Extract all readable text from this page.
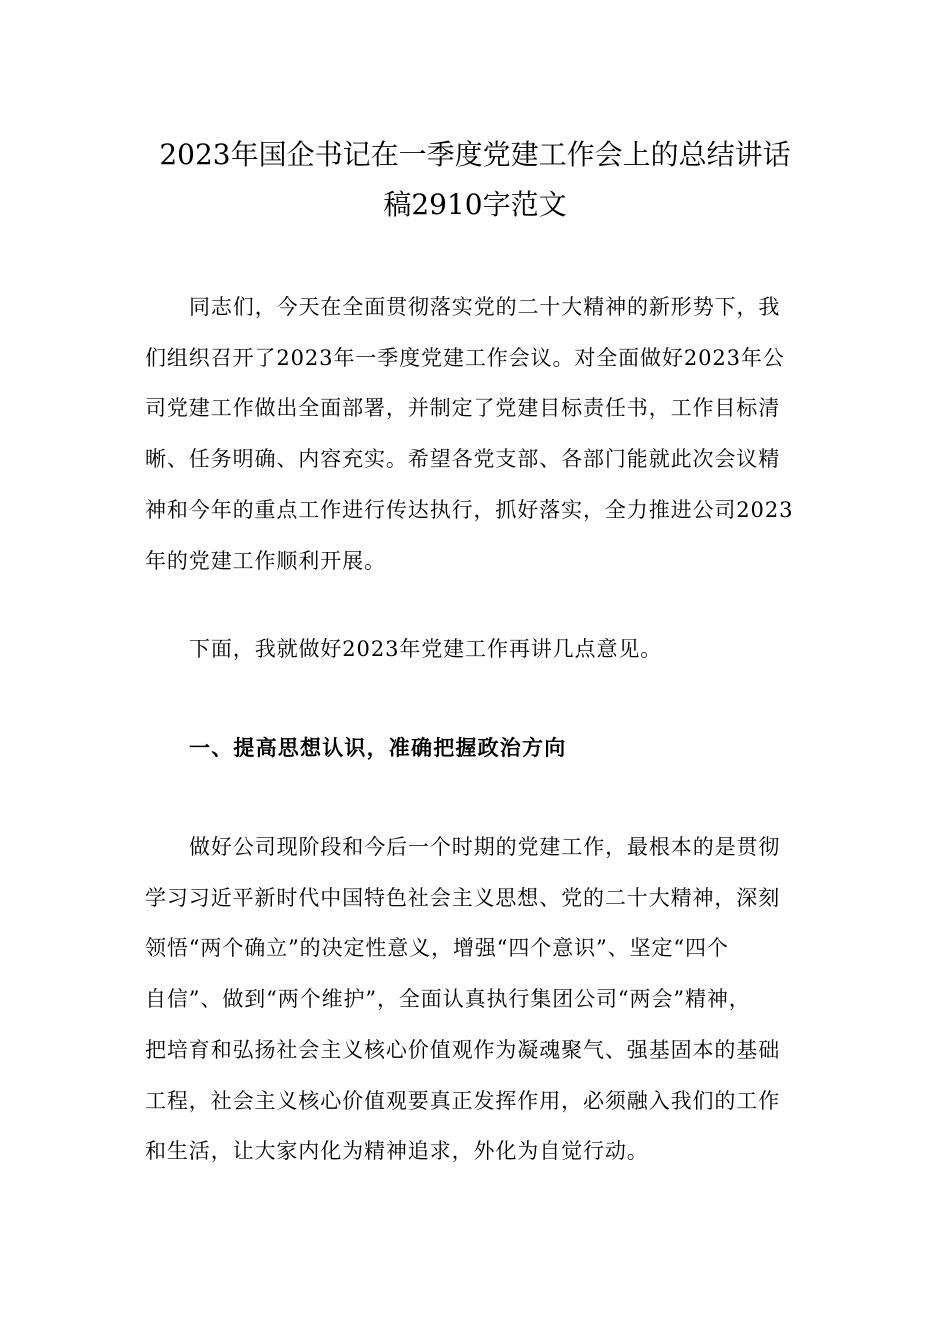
2023年国企书记在一季度党建工作会上的总结讲话
稿2910字范文
同志们，今天在全面贯彻落实党的二十大精神的新形势下，我
们组织召开了2023年一季度党建工作会议。对全面做好2023年公
司党建工作做出全面部署，并制定了党建目标责任书，工作目标清
晰、任务明确、内容充实。希望各党支部、各部门能就此次会议精
神和今年的重点工作进行传达执行，抓好落实，全力推进公司2023
年的党建工作顺利开展。
下面，我就做好2023年党建工作再讲几点意见。
一、提高思想认识，准确把握政治方向
做好公司现阶段和今后一个时期的党建工作，最根本的是贯彻
学习习近平新时代中国特色社会主义思想、党的二十大精神，深刻
领悟“两个确立”的决定性意义，增强“四个意识”、坚定“四个
自信”、做到“两个维护”，全面认真执行集团公司“两会”精神，
把培育和弘扬社会主义核心价值观作为凝魂聚气、强基固本的基础
工程，社会主义核心价值观要真正发挥作用，必须融入我们的工作
和生活，让大家内化为精神追求，外化为自觉行动。
